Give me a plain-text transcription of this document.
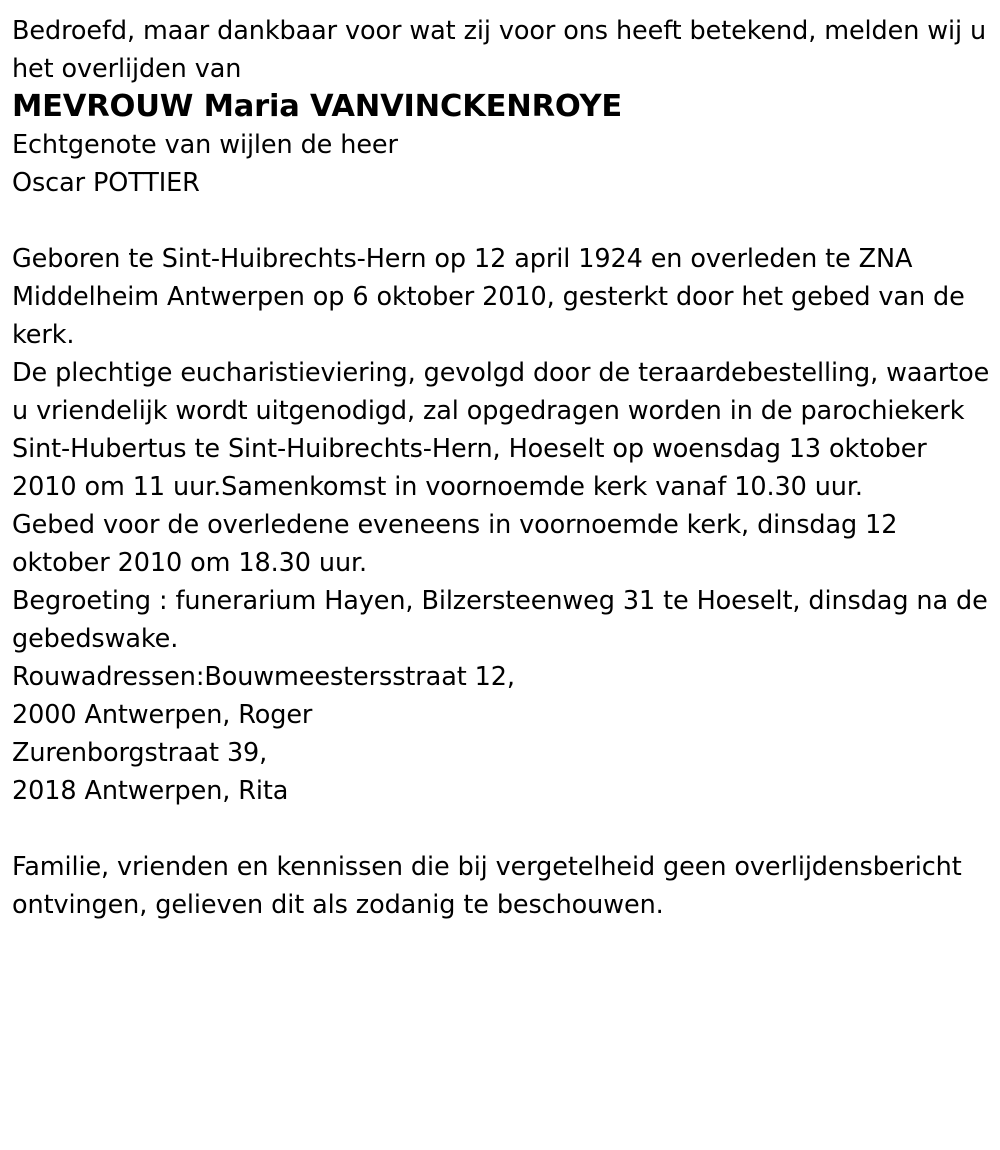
Bedroefd, maar dankbaar voor wat zij voor ons heeft betekend, melden wij u het overlijden van

MEVROUW Maria VANVINCKENROYE

Echtgenote van wijlen de heer

Oscar POTTIER

Geboren te Sint-Huibrechts-Hern op 12 april 1924 en overleden te ZNA Middelheim Antwerpen op 6 oktober 2010, gesterkt door het gebed van de kerk.

De plechtige eucharistieviering, gevolgd door de teraardebestelling, waartoe u vriendelijk wordt uitgenodigd, zal opgedragen worden in de parochiekerk Sint-Hubertus te Sint-Huibrechts-Hern, Hoeselt op woensdag 13 oktober 2010 om 11 uur.Samenkomst in voornoemde kerk vanaf 10.30 uur.

Gebed voor de overledene eveneens in voornoemde kerk, dinsdag 12 oktober 2010 om 18.30 uur.

Begroeting : funerarium Hayen, Bilzersteenweg 31 te Hoeselt, dinsdag na de gebedswake.

Rouwadressen:Bouwmeestersstraat 12,

2000 Antwerpen, Roger

Zurenborgstraat 39,

2018 Antwerpen, Rita

Familie, vrienden en kennissen die bij vergetelheid geen overlijdensbericht ontvingen, gelieven dit als zodanig te beschouwen.
